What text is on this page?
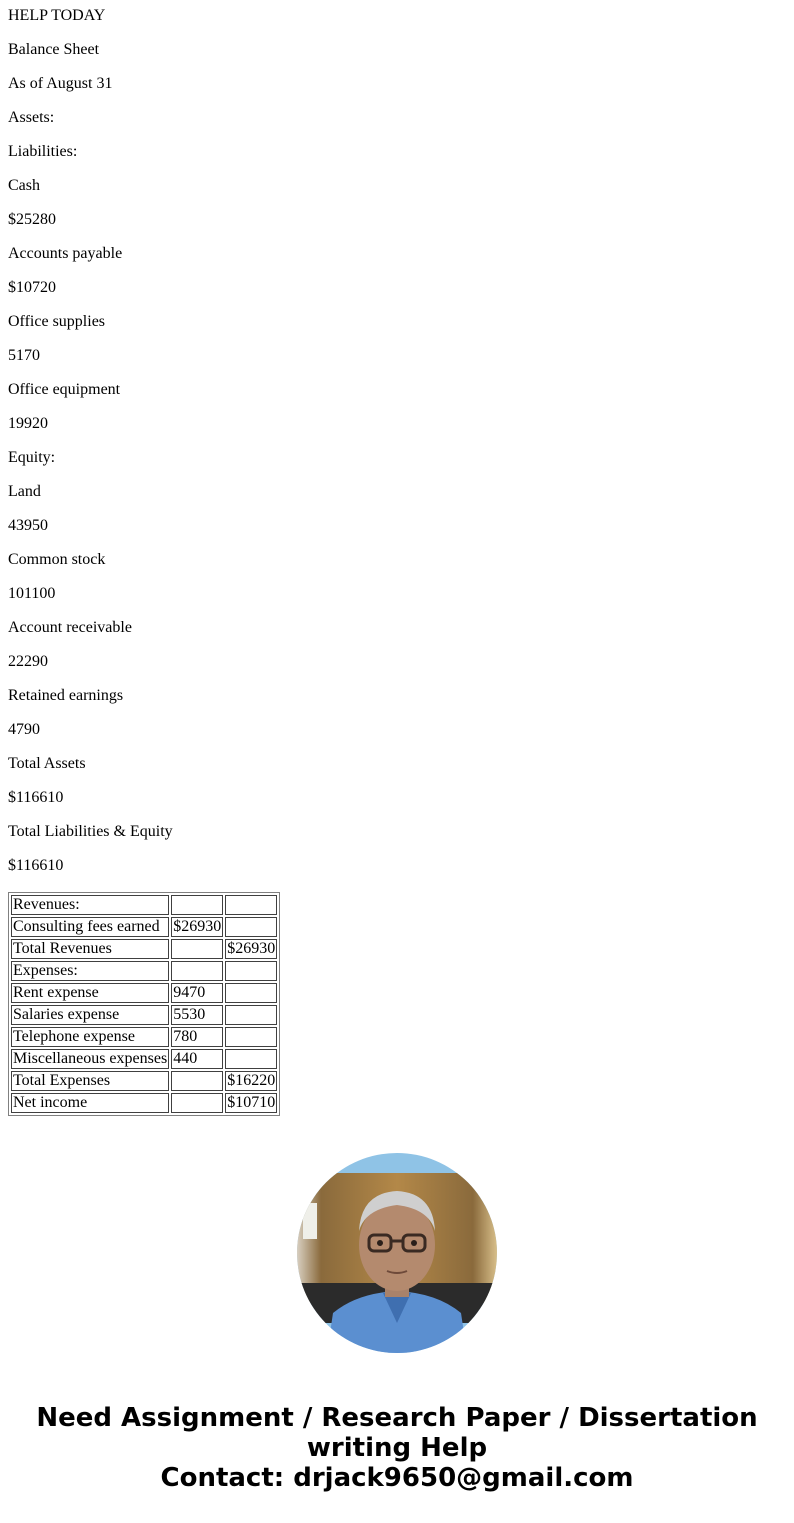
HELP TODAY

Balance Sheet

As of August 31

Assets:

Liabilities:

Cash

$25280

Accounts payable

$10720

Office supplies

5170

Office equipment

19920

Equity:

Land

43950

Common stock

101100

Account receivable

22290

Retained earnings

4790

Total Assets

$116610

Total Liabilities & Equity

$116610

Revenues:		
Consulting fees earned	$26930	
Total Revenues		$26930
Expenses:		
Rent expense	9470	
Salaries expense	5530	
Telephone expense	780	
Miscellaneous expenses	440	
Total Expenses		$16220
Net income		$10710
Need Assignment / Research Paper / Dissertation
writing Help
Contact: drjack9650@gmail.com
